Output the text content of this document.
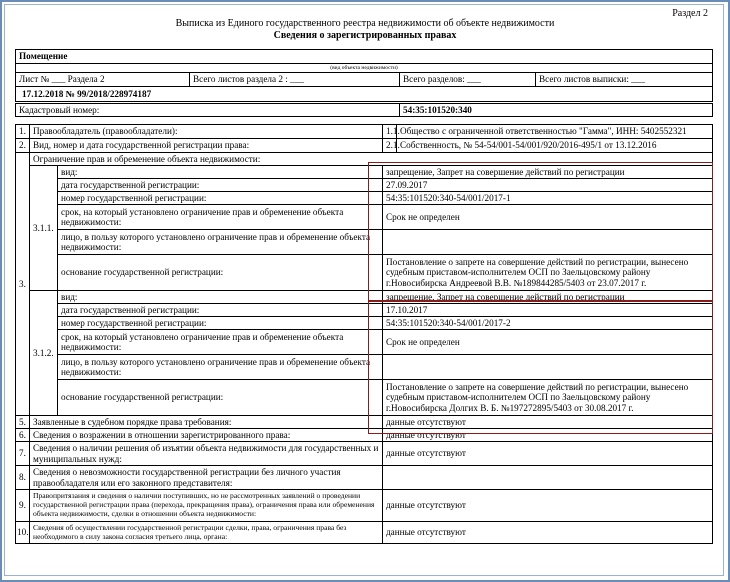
Раздел 2
Выписка из Единого государственного реестра недвижимости об объекте недвижимости
Сведения о зарегистрированных правах
Помещение			
(вид объекта недвижимости)			
Лист № ___ Раздела 2	Всего листов раздела 2 : ___	Всего разделов: ___	Всего листов выписки: ___
17.12.2018 № 99/2018/228974187			

Кадастровый номер:		54:35:101520:340	
1.	Правообладатель (правообладатели):		1.1.	Общество с ограниченной ответственностью "Гамма", ИНН: 5402552321
2.	Вид, номер и дата государственной регистрации права:		2.1.	Собственность, № 54-54/001-54/001/920/2016-495/1 от 13.12.2016
3.	Ограничение прав и обременение объекта недвижимости:			
	3.1.1.	вид:	запрещение, Запрет на совершение действий по регистрации	
		дата государственной регистрации:	27.09.2017	
		номер государственной регистрации:	54:35:101520:340-54/001/2017-1	
		срок, на который установлено ограничение прав и обременение объекта недвижимости:	Срок не определен	
		лицо, в пользу которого установлено ограничение прав и обременение объекта недвижимости:		
		основание государственной регистрации:	Постановление о запрете на совершение действий по регистрации, вынесено судебным приставом-исполнителем ОСП по Заельцовскому району г.Новосибирска Андреевой В.В. №189844285/5403 от 23.07.2017 г.	
	3.1.2.	вид:	запрещение, Запрет на совершение действий по регистрации	
		дата государственной регистрации:	17.10.2017	
		номер государственной регистрации:	54:35:101520:340-54/001/2017-2	
		срок, на который установлено ограничение прав и обременение объекта недвижимости:	Срок не определен	
		лицо, в пользу которого установлено ограничение прав и обременение объекта недвижимости:		
		основание государственной регистрации:	Постановление о запрете на совершение действий по регистрации, вынесено судебным приставом-исполнителем ОСП по Заельцовскому району г.Новосибирска Долгих В. Б. №197272895/5403 от 30.08.2017 г.	
5.	Заявленные в судебном порядке права требования:		данные отсутствуют	
6.	Сведения о возражении в отношении зарегистрированного права:		данные отсутствуют	
7.	Сведения о наличии решения об изъятии объекта недвижимости для государственных и муниципальных нужд:		данные отсутствуют	
8.	Сведения о невозможности государственной регистрации без личного участия правообладателя или его законного представителя:			
9.	Правопритязания и сведения о наличии поступивших, но не рассмотренных заявлений о проведении государственной регистрации права (перехода, прекращения права), ограничения права или обременения объекта недвижимости, сделки в отношении объекта недвижимости:		данные отсутствуют	
10.	Сведения об осуществлении государственной регистрации сделки, права, ограничения права без необходимого в силу закона согласия третьего лица, органа:		данные отсутствуют	
